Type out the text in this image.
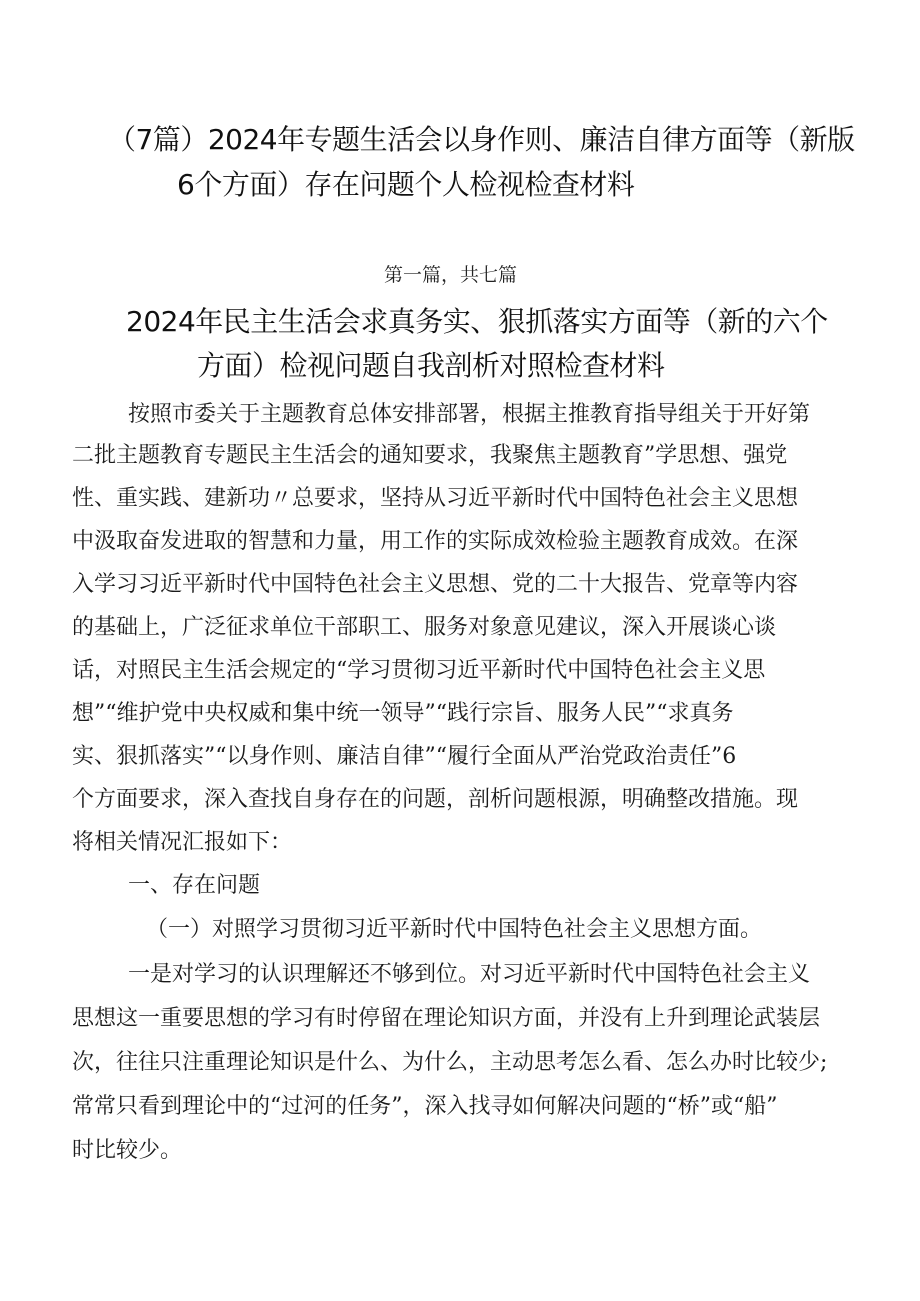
（7篇）2024年专题生活会以身作则、廉洁自律方面等（新版
6个方面）存在问题个人检视检查材料
第一篇，共七篇
2024年民主生活会求真务实、狠抓落实方面等（新的六个
方面）检视问题自我剖析对照检查材料
按照市委关于主题教育总体安排部署，根据主推教育指导组关于开好第
二批主题教育专题民主生活会的通知要求，我聚焦主题教育”学思想、强党
性、重实践、建新功〃总要求，坚持从习近平新时代中国特色社会主义思想
中汲取奋发进取的智慧和力量，用工作的实际成效检验主题教育成效。在深
入学习习近平新时代中国特色社会主义思想、党的二十大报告、党章等内容
的基础上，广泛征求单位干部职工、服务对象意见建议，深入开展谈心谈
话，对照民主生活会规定的“学习贯彻习近平新时代中国特色社会主义思
想”“维护党中央权威和集中统一领导”“践行宗旨、服务人民”“求真务
实、狠抓落实”“以身作则、廉洁自律”“履行全面从严治党政治责任”6
个方面要求，深入查找自身存在的问题，剖析问题根源，明确整改措施。现
将相关情况汇报如下：
一、存在问题
（一）对照学习贯彻习近平新时代中国特色社会主义思想方面。
一是对学习的认识理解还不够到位。对习近平新时代中国特色社会主义
思想这一重要思想的学习有时停留在理论知识方面，并没有上升到理论武装层
次，往往只注重理论知识是什么、为什么，主动思考怎么看、怎么办时比较少;
常常只看到理论中的“过河的任务”，深入找寻如何解决问题的“桥”或“船”
时比较少。
